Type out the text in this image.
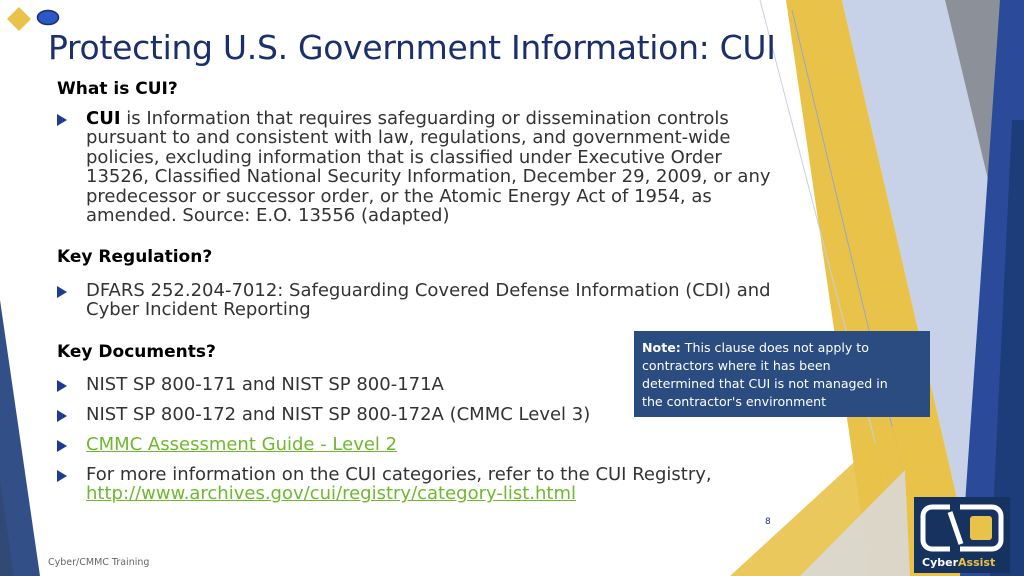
Protecting U.S. Government Information: CUI
What is CUI?
CUI is Information that requires safeguarding or dissemination controls
pursuant to and consistent with law, regulations, and government-wide
policies, excluding information that is classified under Executive Order
13526, Classified National Security Information, December 29, 2009, or any
predecessor or successor order, or the Atomic Energy Act of 1954, as
amended. Source: E.O. 13556 (adapted)
Key Regulation?
DFARS 252.204-7012: Safeguarding Covered Defense Information (CDI) and
Cyber Incident Reporting
Key Documents?
NIST SP 800-171 and NIST SP 800-171A
NIST SP 800-172 and NIST SP 800-172A (CMMC Level 3)
CMMC Assessment Guide - Level 2
For more information on the CUI categories, refer to the CUI Registry,
http://www.archives.gov/cui/registry/category-list.html
Note: This clause does not apply to
contractors where it has been
determined that CUI is not managed in
the contractor's environment
8
Cyber/CMMC Training	CyberAssist
